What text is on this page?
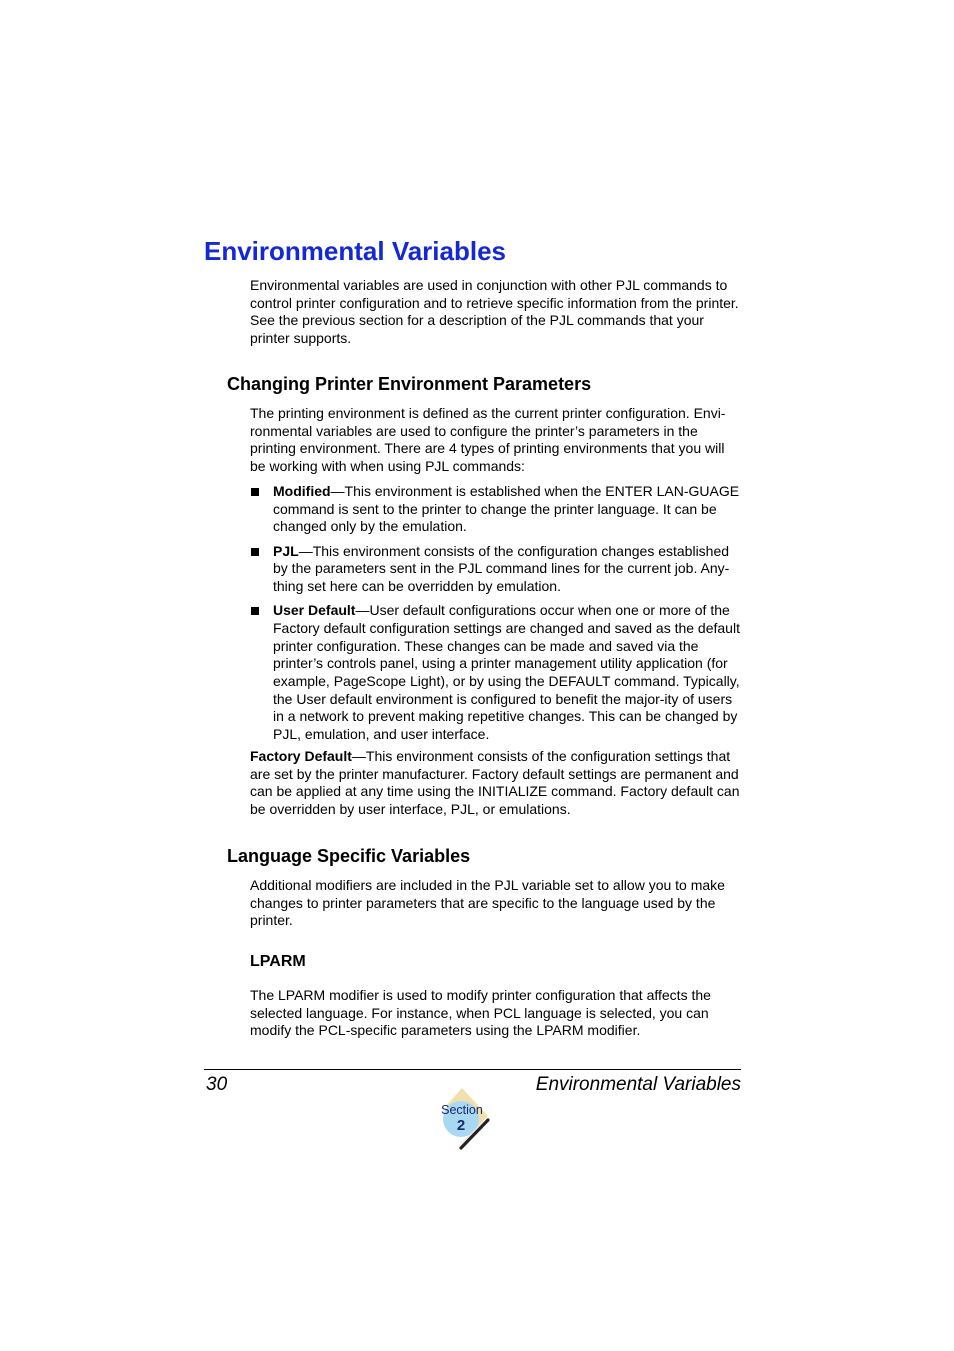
Environmental Variables

Environmental variables are used in conjunction with other PJL commands to control printer configuration and to retrieve specific information from the printer. See the previous section for a description of the PJL commands that your printer supports.

Changing Printer Environment Parameters

The printing environment is defined as the current printer configuration. Envi-ronmental variables are used to configure the printer’s parameters in the printing environment. There are 4 types of printing environments that you will be working with when using PJL commands:

Modified—This environment is established when the ENTER LAN-GUAGE command is sent to the printer to change the printer language. It can be changed only by the emulation.
PJL—This environment consists of the configuration changes established by the parameters sent in the PJL command lines for the current job. Any-thing set here can be overridden by emulation.
User Default—User default configurations occur when one or more of the Factory default configuration settings are changed and saved as the default printer configuration. These changes can be made and saved via the printer’s controls panel, using a printer management utility application (for example, PageScope Light), or by using the DEFAULT command. Typically, the User default environment is configured to benefit the major-ity of users in a network to prevent making repetitive changes. This can be changed by PJL, emulation, and user interface.

Factory Default—This environment consists of the configuration settings that are set by the printer manufacturer. Factory default settings are permanent and can be applied at any time using the INITIALIZE command. Factory default can be overridden by user interface, PJL, or emulations.

Language Specific Variables

Additional modifiers are included in the PJL variable set to allow you to make changes to printer parameters that are specific to the language used by the printer.

LPARM

The LPARM modifier is used to modify printer configuration that affects the selected language. For instance, when PCL language is selected, you can modify the PCL-specific parameters using the LPARM modifier.

30	Environmental Variables
Section
2
